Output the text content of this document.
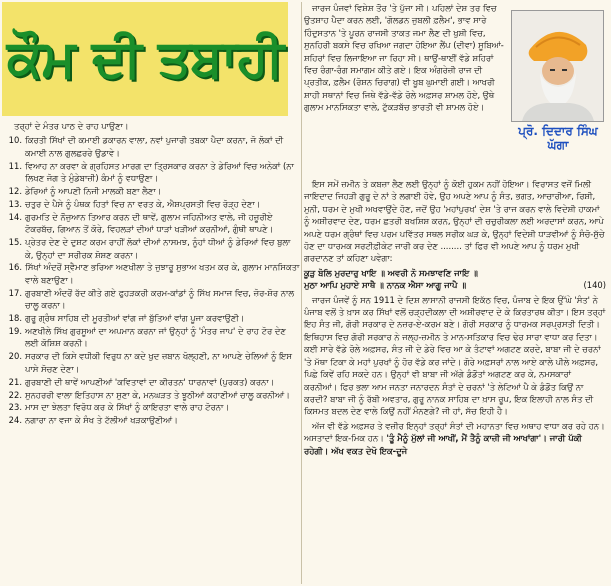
ਕੌਮ ਦੀ ਤਬਾਹੀ
ਤਰ੍ਹਾਂ ਦੇ ਮੰਤਰ ਪਾਠ ਦੇ ਰਾਹ ਪਾਉਣਾ।
10. ਕਿਰਤੀ ਸਿੱਖਾਂ ਦੀ ਕਮਾਈ ਡਕਾਰਨ ਵਾਲਾ, ਨਵਾਂ ਪੁਜਾਰੀ ਤਬਕਾ ਪੈਦਾ ਕਰਨਾ, ਜੋ ਲੋਕਾਂ ਦੀ ਕਮਾਈ ਨਾਲ ਗੁਲਛਰਰੇ ਉਡਾਵੇ।
11. ਵਿਆਹ ਨਾ ਕਰਵਾ ਕੇ ਗ੍ਰਹਿਸਤ ਮਾਰਗ ਦਾ ਤ੍ਰਿਸਕਾਰ ਕਰਨਾ ਤੇ ਡੇਰਿਆਂ ਵਿਚ ਅਨੇਕਾਂ (ਨਾ ਲਿਖਣ ਜੋਗ ਤੇ ਮੁੰਡੇਬਾਜ਼ੀ) ਕੰਮਾਂ ਨੂੰ ਵਧਾਉਣਾ।
12. ਡੇਰਿਆਂ ਨੂੰ ਆਪਣੀ ਨਿਜੀ ਮਾਲਕੀ ਬਣਾ ਲੈਣਾ।
13. ਚਤੁਰ ਦੇ ਪੈਸੇ ਨੂੰ ਪੰਥਕ ਹਿਤਾਂ ਵਿਚ ਨਾ ਵਰਤ ਕੇ, ਐਸ਼ਪ੍ਰਸਤੀ ਵਿਚ ਰੋੜ੍ਹ ਦੇਣਾ।
14. ਗੁਰਮਤਿ ਦੇ ਨੌਜੁਆਨ ਤਿਆਰ ਕਰਨ ਦੀ ਥਾਵੇਂ, ਗੁਲਾਮ ਜਹਿਨੀਅਤ ਵਾਲੇ, ਜੀ ਹਜ਼ੂਰੀਏ ਟੋਕਰਬੱਚ, ਗਿਆਨ ਤੋਂ ਕੋਰੇ, ਵਿਹਲੜਾਂ ਦੀਆਂ ਧਾੜਾਂ ਖੜੀਆਂ ਕਰਨੀਆਂ, ਗੁੰਥੀ ਥਾਪਣੇ।
15. ਪ੍ਰੇਤਰ ਦੇਣ ਦੇ ਦੁਸ਼ਟ ਕਰਮ ਰਾਹੀਂ ਲੋਕਾਂ ਦੀਆਂ ਨਾਸਮਝ, ਨੂੰਹਾਂ ਧੀਆਂ ਨੂੰ ਡੇਰਿਆਂ ਵਿਚ ਬੁਲਾ ਕੇ, ਉਨ੍ਹਾਂ ਦਾ ਸਰੀਰਕ ਸ਼ੋਸ਼ਣ ਕਰਨਾ।
16. ਸਿੱਖਾਂ ਅੰਦਰੋਂ ਸ੍ਵੈਮਾਣ ਭਰਿਆ ਅਣਖੀਲਾ ਤੇ ਜੁਝਾਰੂ ਸੁਭਾਅ ਖਤਮ ਕਰ ਕੇ, ਗੁਲਾਮ ਮਾਨਸਿਕਤਾ ਵਾਲੇ ਬਣਾਉਣਾ।
17. ਗੁਰਬਾਣੀ ਅੰਦਰੋਂ ਰੱਦ ਕੀਤੇ ਗਏ ਫੁਹੜਕਰੀ ਕਰਮ-ਕਾਂਡਾਂ ਨੂੰ ਸਿੱਖ ਸਮਾਜ ਵਿਚ, ਜ਼ੋਰ-ਸ਼ੋਰ ਨਾਲ ਚਾਲੂ ਕਰਨਾ।
18. ਗੁਰੂ ਗ੍ਰੰਥ ਸਾਹਿਬ ਦੀ ਮੂਰਤੀਆਂ ਵਾਂਗ ਜਾਂ ਬੁੱਤਿਆਂ ਵਾਂਗ ਪੂਜਾ ਕਰਵਾਉਣੀ।
19. ਅਣਖੀਲੇ ਸਿੱਖ ਗੁਰਸੂਆਂ ਦਾ ਅਪਮਾਨ ਕਰਨਾ ਜਾਂ ਉਨ੍ਹਾਂ ਨੂੰ 'ਮੰਤਰ ਜਾਪ' ਦੇ ਰਾਹ ਟੋਰ ਦੇਣ ਲਈ ਕੋਸ਼ਿਸ਼ ਕਰਨੀ।
20. ਸਰਕਾਰ ਦੀ ਕਿਸੇ ਵਧੀਕੀ ਵਿਰੁਧ ਨਾ ਕਦੇ ਖੁਦ ਜ਼ਬਾਨ ਖੋਲ੍ਹਣੀ, ਨਾ ਆਪਣੇ ਚੇਲਿਆਂ ਨੂੰ ਇਸ ਪਾਸੇ ਸੋਚਣ ਦੇਣਾ।
21. ਗੁਰਬਾਣੀ ਦੀ ਥਾਵੇਂ ਆਪਣੀਆਂ 'ਕਵਿਤਾਵਾਂ ਦਾ ਕੀਰਤਨ' ਧਾਰਨਾਵਾਂ (ਪੁਰਕਤ) ਕਰਨਾ।
22. ਸੁਨਹਰਰੀ ਵਾਲਾ ਇਤਿਹਾਸ ਨਾ ਸੁਣਾ ਕੇ, ਮਨਘੜਤ ਤੇ ਝੂਠੀਆਂ ਕਹਾਣੀਆਂ ਚਾਲੂ ਕਰਨੀਆਂ।
23. ਮਾਸ ਦਾ ਝੇਲਤਾ ਵਿਰੋਧ ਕਰ ਕੇ ਸਿੱਖਾਂ ਨੂੰ ਕਾਇਰਤਾ ਵਾਲੇ ਰਾਹ ਟੋਰਨਾ।
24. ਨਗਾਰਾ ਨਾ ਵਜਾ ਕੇ ਸੰਖ ਤੇ ਟੱਲੀਆਂ ਖੜਕਾਉਣੀਆਂ।

ਜਾਰਜ ਪੰਜਵਾਂ ਵਿਸ਼ੇਸ਼ ਤੌਰ 'ਤੇ ਪੁੱਜਾ ਸੀ। ਪਹਿਲਾਂ ਦੇਸ਼ ਤਰ ਵਿਚ ਉਤਸ਼ਾਹ ਪੈਦਾ ਕਰਨ ਲਈ, 'ਗੋਲਡਨ ਜੁਬਲੀ ਫ਼ਲੈਮ', ਭਾਵ ਸਾਰੇ ਹਿੰਦੁਸਤਾਨ 'ਤੇ ਪੂਰਨ ਰਾਜਸੀ ਤਾਕਤ ਜਮਾ ਲੈਣ ਦੀ ਖੁਸ਼ੀ ਵਿਚ, ਸੁਨਹਿਰੀ ਬਕਸੇ ਵਿਚ ਰਖਿਆ ਜਗਦਾ ਹੋਇਆ ਲੈਂਪ (ਦੀਵਾ) ਸੂਬਿਆਂ-ਸ਼ਹਿਰਾਂ ਵਿਚ ਲਿਜਾਇਆ ਜਾ ਰਿਹਾ ਸੀ। ਥਾਉਂ-ਥਾਈਂ ਵੱਡੇ ਸ਼ਹਿਰਾਂ ਵਿਚ ਰੰਗਾ-ਰੰਗ ਸਮਾਗਮ ਕੀਤੇ ਗਏ। ਇਕ ਅੰਗਰੇਜ਼ੀ ਰਾਜ ਦੀ ਪ੍ਰਤੀਕ, ਫ਼ਲੈਮ (ਰੋਸ਼ਨ ਚਿਰਾਗ) ਵੀ ਖੂਬ ਘੁਮਾਈ ਗਈ। ਆਖਰੀ ਸ਼ਾਹੀ ਸਥਾਨਾਂ ਵਿਚ ਜਿਥੇ ਵੱਡੇ-ਵੱਡੇ ਰੋਲੇ ਅਫ਼ਸਰ ਸ਼ਾਮਲ ਹੋਏ, ਉਥੇ ਗੁਲਾਮ ਮਾਨਸਿਕਤਾ ਵਾਲੇ, ਟੁੱਕੜਬੱਚ ਭਾਰਤੀ ਵੀ ਸ਼ਾਮਲ ਹੋਏ।

ਪ੍ਰੋ. ਦਿਦਾਰ ਸਿੰਘ
ਘੱਗਾ

ਇਸ ਸਮੇਂ ਜ਼ਮੀਨ ਤੇ ਕਬਜ਼ਾ ਲੈਣ ਲਈ ਉਨ੍ਹਾਂ ਨੂੰ ਕੋਈ ਹੁਕਮ ਨਹੀਂ ਹੋਇਆ। ਵਿਰਾਸਤ ਵਜੋਂ ਮਿਲੀ ਜਾਇਦਾਦ ਜਿਹੜੀ ਗੁਰੂ ਦੇ ਨਾਂ ਤੇ ਲਗਾਈ ਹੋਵੇ, ਉਹ ਅਪਣੇ ਆਪ ਨੂੰ ਸੰਤ, ਭਗਤ, ਆਚਾਰੀਆ, ਰਿਸ਼ੀ, ਮੁਨੀ, ਧਰਮ ਦੇ ਮੁਖੀ ਅਖਵਾਉਂਦੇ ਹੋਣ, ਜਦੋਂ ਉਹ 'ਮਹਾਂਪੁਰਖ' ਦੇਸ਼ 'ਤੇ ਰਾਜ ਕਰਨ ਵਾਲੇ ਵਿਦੇਸ਼ੀ ਹਾਕਮਾਂ ਨੂੰ ਅਸ਼ੀਰਵਾਦ ਦੇਣ, ਧਰਮ ਛਤਰੀ ਬਖਸ਼ਿਸ਼ ਕਰਨ, ਉਨ੍ਹਾਂ ਦੀ ਚਚੁਰੀਕਲਾ ਲਈ ਅਰਦਾਸਾਂ ਕਰਨ, ਆਪੇ ਅਪਣੇ ਧਰਮ ਗ੍ਰੰਥਾਂ ਵਿਚ ਪਰਮ ਪਵਿੱਤਰ ਸਥਲ ਸਰੀਕ ਘੜ ਕੇ, ਉਨ੍ਹਾਂ ਵਿਦੇਸ਼ੀ ਧਾੜਵੀਆਂ ਨੂੰ ਸੰਚੋ-ਸੁੱਚੇ ਹੋਣ ਦਾ ਧਾਰਮਕ ਸਰਟੀਫ਼ੀਕੇਟ ਜਾਰੀ ਕਰ ਦੇਣ ........ ਤਾਂ ਫਿਰ ਵੀ ਅਪਣੇ ਆਪ ਨੂੰ ਧਰਮ ਮੁਖੀ ਗਰਦਾਨਣ ਤਾਂ ਕਹਿਣਾ ਪਵੇਗਾ:

ਕੂੜੁ ਬੋਲਿ ਮੁਰਦਾਰੁ ਖਾਇ ॥ ਅਵਰੀ ਨੋ ਸਮਝਾਵਣਿ ਜਾਇ ॥
ਮੁਠਾ ਆਪਿ ਮੁਹਾਏ ਸਾਥੈ ॥ ਨਾਨਕ ਐਸਾ ਆਗੂ ਜਾਪੈ ॥	(140)

ਜਾਰਜ ਪੰਜਵੇਂ ਨੂੰ ਸਨ 1911 ਦੇ ਦਿਸ਼ ਲਾਸਾਨੀ ਰਾਜਸੀ ਇਕੱਠ ਵਿਚ, ਪੰਜਾਬ ਦੇ ਇਕ ਉੱਘੇ 'ਸੰਤ' ਨੇ ਪੰਜਾਬ ਵਲੋਂ ਤੇ ਖ਼ਾਸ ਕਰ ਸਿੱਖਾਂ ਵਲੋਂ ਚੜ੍ਹਦੀਕਲਾ ਦੀ ਅਸ਼ੀਰਵਾਦ ਦੇ ਕੇ ਕਿਰਤਾਰਥ ਕੀਤਾ। ਇਸ ਤਰ੍ਹਾਂ ਇਹ ਸੰਤ ਜੀ, ਗੋਰੀ ਸਰਕਾਰ ਦੇ ਨਜ਼ਰ-ਏ-ਕਰਮ ਬਣੇ। ਗੋਰੀ ਸਰਕਾਰ ਨੂੰ ਧਾਰਮਕ ਸਰਪ੍ਰਸਤੀ ਦਿਤੀ। ਇਥਿਹਾਸ ਵਿਚ ਗੋਰੀ ਸਰਕਾਰ ਨੇ ਜਲ੍ਹ-ਜ਼ਮੀਨ ਤੇ ਮਾਨ-ਸਤਿਕਾਰ ਵਿਚ ਢੇਰ ਸਾਰਾ ਵਾਧਾ ਕਰ ਦਿਤਾ। ਕਈ ਸਾਰੇ ਵੱਡੇ ਰੋਲੇ ਅਫ਼ਸਰ, ਸੰਤ ਜੀ ਦੇ ਡੇਰੇ ਵਿਚ ਆ ਕੇ ਤੰਟਾਵਾਂ ਅਗਟਣ ਕਰਦੇ, ਬਾਬਾ ਜੀ ਦੇ ਚਰਨਾਂ 'ਤੇ ਮੱਥਾ ਟਿਕਾ ਕੇ ਮਹਾਂ ਪੁਰਖਾਂ ਨੂੰ ਹੋਰ ਵੱਡੇ ਕਰ ਜਾਂਦੇ। ਗੋਰੇ ਅਫ਼ਸਰਾਂ ਨਾਲ ਆਏ ਕਾਲੇ ਪੀਲੇ ਅਫ਼ਸਰ, ਪਿਛੇ ਕਿਵੇਂ ਰਹਿ ਸਕਦੇ ਹਨ। ਉਨ੍ਹਾਂ ਵੀ ਬਾਬਾ ਜੀ ਅੱਗੇ ਡੰਡੌਤਾਂ ਅਗਟਣ ਕਰ ਕੇ, ਨਮਸਕਾਰਾਂ ਕਰਨੀਆਂ। ਫਿਰ ਭਲਾ ਆਮ ਜਨਤਾ ਜਨਾਰਦਨ ਸੰਤਾਂ ਦੇ ਚਰਨਾਂ 'ਤੇ ਲੇਟਿਆਂ ਪੈ ਕੇ ਡੰਡੌਤ ਕਿਉਂ ਨਾ ਕਰਦੀ? ਬਾਬਾ ਜੀ ਨੂੰ ਰੱਬੀ ਅਵਤਾਰ, ਗੁਰੂ ਨਾਨਕ ਸਾਹਿਬ ਦਾ ਖ਼ਾਸ ਰੂਪ, ਇਕ ਇਲਾਹੀ ਨਾਲ ਸੰਤ ਦੀ ਕਿਸਮਤ ਬਦਲ ਦੇਣ ਵਾਲੇ ਕਿਉਂ ਨਹੀਂ ਮੰਨਣਗੇ? ਜੀ ਹਾਂ, ਸੱਚ ਇਹੀ ਹੈ।

ਅੱਜ ਵੀ ਵੱਡੇ ਅਫ਼ਸਰ ਤੇ ਵਜ਼ੀਰ ਇਨ੍ਹਾਂ ਤਰ੍ਹਾਂ ਸੰਤਾਂ ਦੀ ਮਹਾਨਤਾ ਵਿਚ ਅਥਾਹ ਵਾਧਾ ਕਰ ਰਹੇ ਹਨ। ਅਸਤਾਦਾਂ ਇਕ-ਮਿਕ ਹਨ। 'ਤੂੰ ਮੈਨੂੰ ਮੁੱਲਾਂ ਜੀ ਆਖੀਂ, ਮੈਂ ਤੈਨੂੰ ਕਾਜ਼ੀ ਜੀ ਆਖਾਂਗਾ'। ਜਾਰੀ ਪੱਕੀ ਰਹੇਗੀ। ਅੱਖ ਵਕਤ ਦੇਖੋ ਇਕ-ਦੂਜੇ
